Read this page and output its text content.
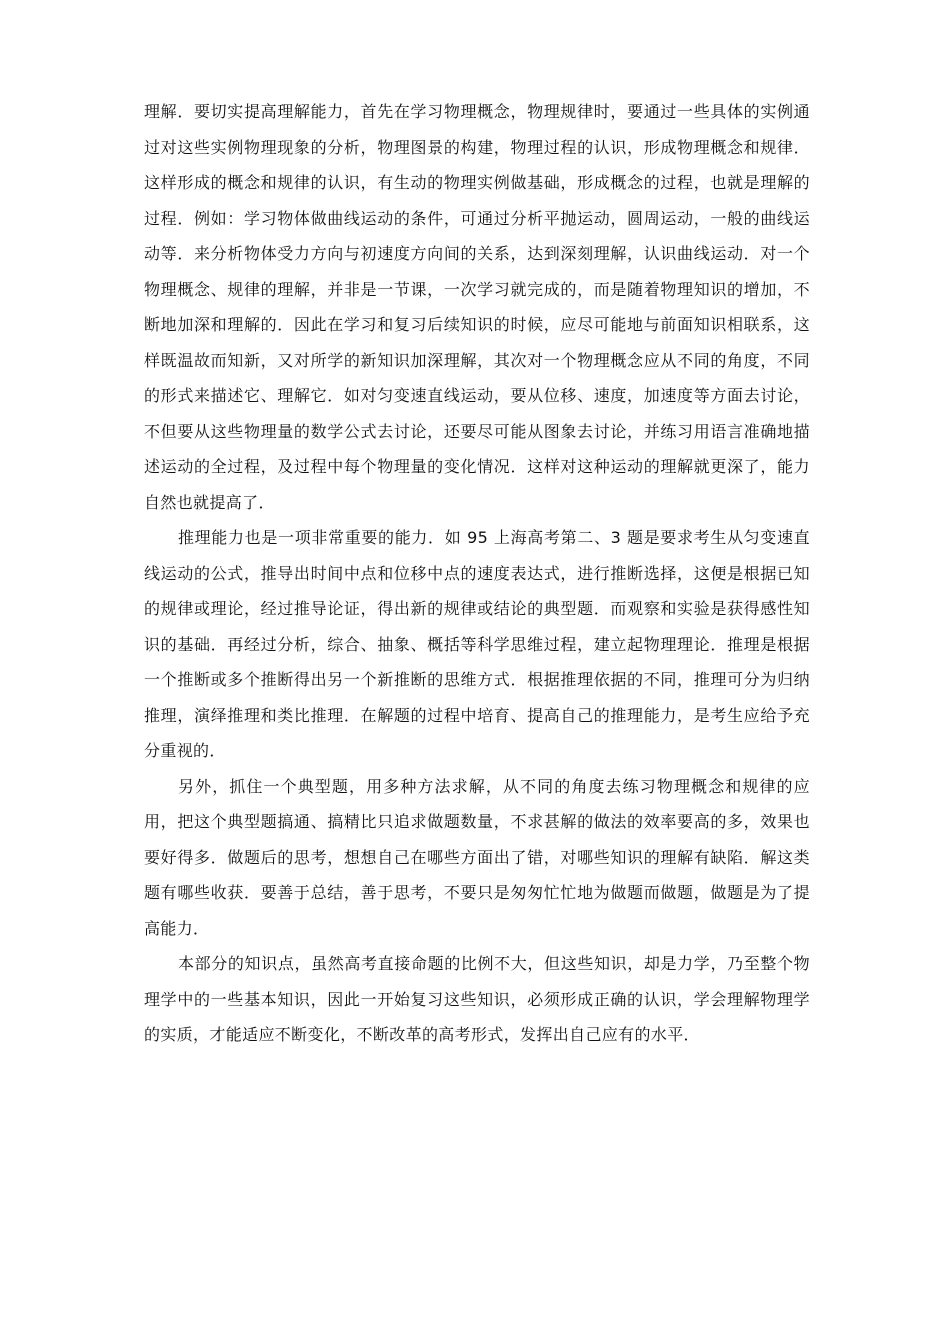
理解．要切实提高理解能力，首先在学习物理概念，物理规律时，要通过一些具体的实例通过对这些实例物理现象的分析，物理图景的构建，物理过程的认识，形成物理概念和规律．这样形成的概念和规律的认识，有生动的物理实例做基础，形成概念的过程，也就是理解的过程．例如：学习物体做曲线运动的条件，可通过分析平抛运动，圆周运动，一般的曲线运动等．来分析物体受力方向与初速度方向间的关系，达到深刻理解，认识曲线运动．对一个物理概念、规律的理解，并非是一节课，一次学习就完成的，而是随着物理知识的增加，不断地加深和理解的．因此在学习和复习后续知识的时候，应尽可能地与前面知识相联系，这样既温故而知新，又对所学的新知识加深理解，其次对一个物理概念应从不同的角度，不同的形式来描述它、理解它．如对匀变速直线运动，要从位移、速度，加速度等方面去讨论，不但要从这些物理量的数学公式去讨论，还要尽可能从图象去讨论，并练习用语言准确地描述运动的全过程，及过程中每个物理量的变化情况．这样对这种运动的理解就更深了，能力自然也就提高了．

推理能力也是一项非常重要的能力．如 95 上海高考第二、3 题是要求考生从匀变速直线运动的公式，推导出时间中点和位移中点的速度表达式，进行推断选择，这便是根据已知的规律或理论，经过推导论证，得出新的规律或结论的典型题．而观察和实验是获得感性知识的基础．再经过分析，综合、抽象、概括等科学思维过程，建立起物理理论．推理是根据一个推断或多个推断得出另一个新推断的思维方式．根据推理依据的不同，推理可分为归纳推理，演绎推理和类比推理．在解题的过程中培育、提高自己的推理能力，是考生应给予充分重视的．

另外，抓住一个典型题，用多种方法求解，从不同的角度去练习物理概念和规律的应用，把这个典型题搞通、搞精比只追求做题数量，不求甚解的做法的效率要高的多，效果也要好得多．做题后的思考，想想自己在哪些方面出了错，对哪些知识的理解有缺陷．解这类题有哪些收获．要善于总结，善于思考，不要只是匆匆忙忙地为做题而做题，做题是为了提高能力．

本部分的知识点，虽然高考直接命题的比例不大，但这些知识，却是力学，乃至整个物理学中的一些基本知识，因此一开始复习这些知识，必须形成正确的认识，学会理解物理学的实质，才能适应不断变化，不断改革的高考形式，发挥出自己应有的水平．
